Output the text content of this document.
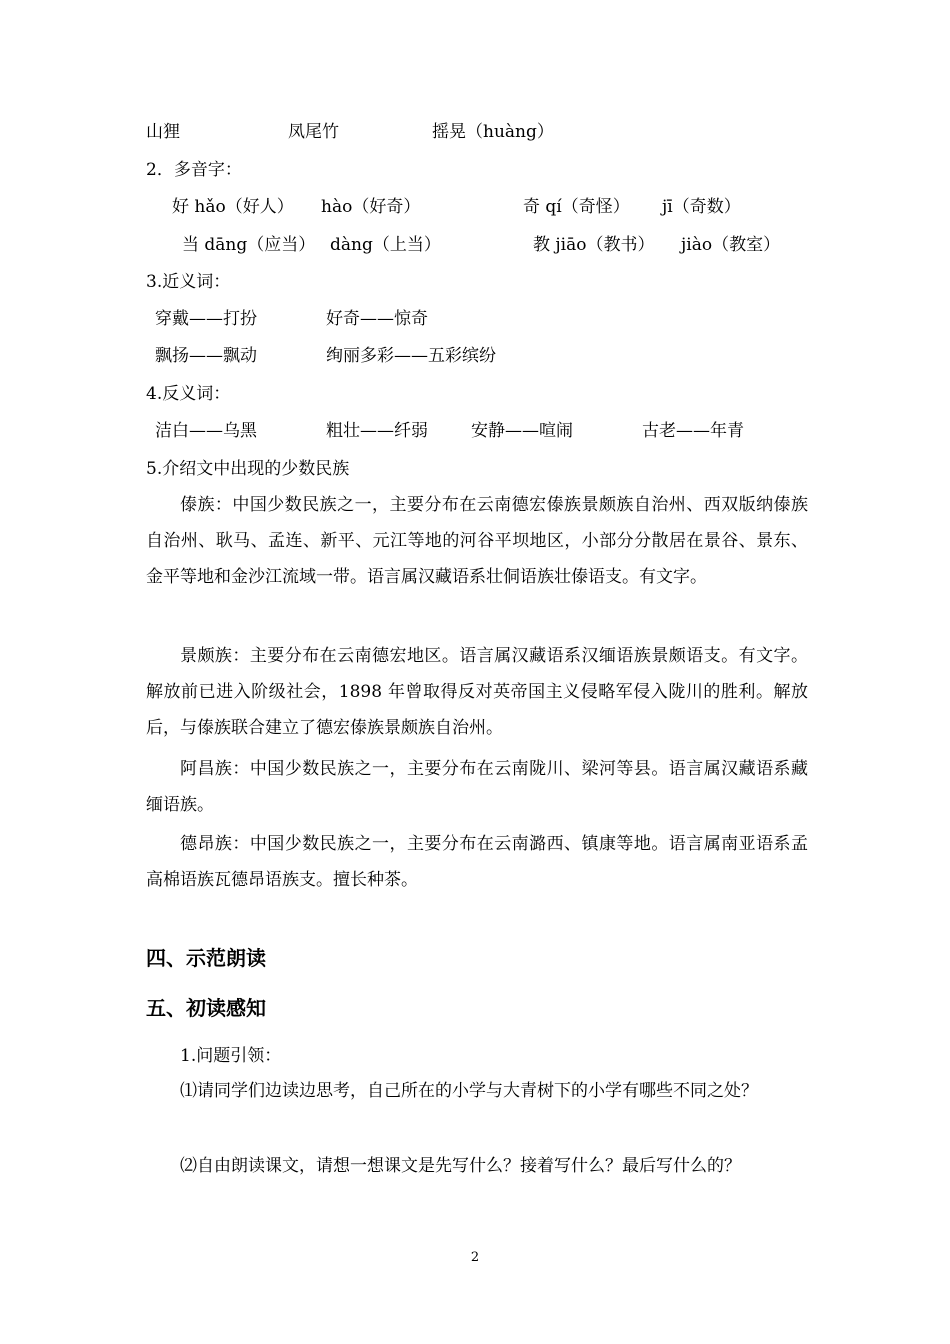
山狸	凤尾竹	摇晃（huàng）
2．多音字：
好 hǎo（好人） hào（好奇）	奇 qí（奇怪） jī（奇数）
当 dāng（应当） dàng（上当）	教 jiāo（教书） jiào（教室）
3.近义词：
穿戴——打扮	好奇——惊奇
飘扬——飘动	绚丽多彩——五彩缤纷
4.反义词：
洁白——乌黑	粗壮——纤弱	安静——喧闹	古老——年青
5.介绍文中出现的少数民族
傣族：中国少数民族之一，主要分布在云南德宏傣族景颇族自治州、西双版纳傣族自治州、耿马、孟连、新平、元江等地的河谷平坝地区，小部分分散居在景谷、景东、金平等地和金沙江流域一带。语言属汉藏语系壮侗语族壮傣语支。有文字。
景颇族：主要分布在云南德宏地区。语言属汉藏语系汉缅语族景颇语支。有文字。解放前已进入阶级社会，1898 年曾取得反对英帝国主义侵略军侵入陇川的胜利。解放后，与傣族联合建立了德宏傣族景颇族自治州。
阿昌族：中国少数民族之一，主要分布在云南陇川、梁河等县。语言属汉藏语系藏缅语族。
德昂族：中国少数民族之一，主要分布在云南潞西、镇康等地。语言属南亚语系孟高棉语族瓦德昂语族支。擅长种茶。
四、示范朗读
五、初读感知
1.问题引领：
⑴请同学们边读边思考，自己所在的小学与大青树下的小学有哪些不同之处？
⑵自由朗读课文，请想一想课文是先写什么？接着写什么？最后写什么的？
2
